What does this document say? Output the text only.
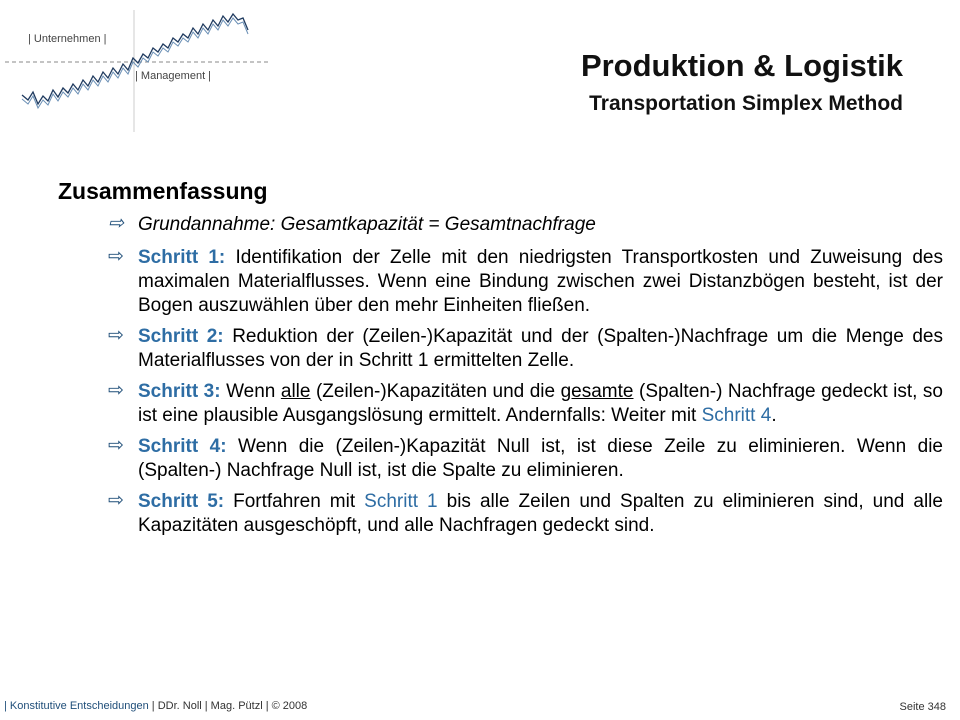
| Unternehmen |
| Management |	Produktion & Logistik
Transportation Simplex Method
Zusammenfassung
⇨ Grundannahme: Gesamtkapazität = Gesamtnachfrage
⇨ Schritt 1: Identifikation der Zelle mit den niedrigsten Transportkosten und Zuweisung des maximalen Materialflusses. Wenn eine Bindung zwischen zwei Distanzbögen besteht, ist der Bogen auszuwählen über den mehr Einheiten fließen.
⇨ Schritt 2: Reduktion der (Zeilen-)Kapazität und der (Spalten-)Nachfrage um die Menge des Materialflusses von der in Schritt 1 ermittelten Zelle.
⇨ Schritt 3: Wenn alle (Zeilen-)Kapazitäten und die gesamte (Spalten-) Nachfrage gedeckt ist, so ist eine plausible Ausgangslösung ermittelt. Andernfalls: Weiter mit Schritt 4.
⇨ Schritt 4: Wenn die (Zeilen-)Kapazität Null ist, ist diese Zeile zu eliminieren. Wenn die (Spalten-) Nachfrage Null ist, ist die Spalte zu eliminieren.
⇨ Schritt 5: Fortfahren mit Schritt 1 bis alle Zeilen und Spalten zu eliminieren sind, und alle Kapazitäten ausgeschöpft, und alle Nachfragen gedeckt sind.
| Konstitutive Entscheidungen | DDr. Noll | Mag. Pützl | © 2008	Seite 348
